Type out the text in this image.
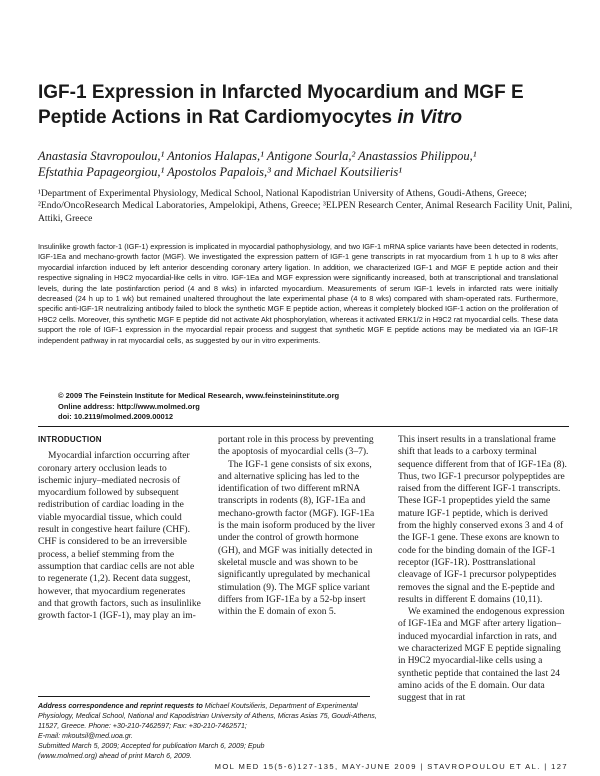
IGF-1 Expression in Infarcted Myocardium and MGF E Peptide Actions in Rat Cardiomyocytes in Vitro
Anastasia Stavropoulou,¹ Antonios Halapas,¹ Antigone Sourla,² Anastassios Philippou,¹
Efstathia Papageorgiou,¹ Apostolos Papalois,³ and Michael Koutsilieris¹
¹Department of Experimental Physiology, Medical School, National Kapodistrian University of Athens, Goudi-Athens, Greece; ²Endo/OncoResearch Medical Laboratories, Ampelokipi, Athens, Greece; ³ELPEN Research Center, Animal Research Facility Unit, Palini, Attiki, Greece

Insulinlike growth factor-1 (IGF-1) expression is implicated in myocardial pathophysiology, and two IGF-1 mRNA splice variants have been detected in rodents, IGF-1Ea and mechano-growth factor (MGF). We investigated the expression pattern of IGF-1 gene transcripts in rat myocardium from 1 h up to 8 wks after myocardial infarction induced by left anterior descending coronary artery ligation. In addition, we characterized IGF-1 and MGF E peptide action and their respective signaling in H9C2 myocardial-like cells in vitro. IGF-1Ea and MGF expression were significantly increased, both at transcriptional and translational levels, during the late postinfarction period (4 and 8 wks) in infarcted myocardium. Measurements of serum IGF-1 levels in infarcted rats were initially decreased (24 h up to 1 wk) but remained unaltered throughout the late experimental phase (4 to 8 wks) compared with sham-operated rats. Furthermore, specific anti-IGF-1R neutralizing antibody failed to block the synthetic MGF E peptide action, whereas it completely blocked IGF-1 action on the proliferation of H9C2 cells. Moreover, this synthetic MGF E peptide did not activate Akt phosphorylation, whereas it activated ERK1/2 in H9C2 rat myocardial cells. These data support the role of IGF-1 expression in the myocardial repair process and suggest that synthetic MGF E peptide actions may be mediated via an IGF-1R independent pathway in rat myocardial cells, as suggested by our in vitro experiments.

© 2009 The Feinstein Institute for Medical Research, www.feinsteininstitute.org
Online address: http://www.molmed.org
doi: 10.2119/molmed.2009.00012
INTRODUCTION

Myocardial infarction occurring after coronary artery occlusion leads to ischemic injury–mediated necrosis of myocardium followed by subsequent redistribution of cardiac loading in the viable myocardial tissue, which could result in congestive heart failure (CHF). CHF is considered to be an irreversible process, a belief stemming from the assumption that cardiac cells are not able to regenerate (1,2). Recent data suggest, however, that myocardium regenerates and that growth factors, such as insulinlike growth factor-1 (IGF-1), may play an im-

portant role in this process by preventing the apoptosis of myocardial cells (3–7).

The IGF-1 gene consists of six exons, and alternative splicing has led to the identification of two different mRNA transcripts in rodents (8), IGF-1Ea and mechano-growth factor (MGF). IGF-1Ea is the main isoform produced by the liver under the control of growth hormone (GH), and MGF was initially detected in skeletal muscle and was shown to be significantly upregulated by mechanical stimulation (9). The MGF splice variant differs from IGF-1Ea by a 52-bp insert within the E domain of exon 5.

This insert results in a translational frame shift that leads to a carboxy terminal sequence different from that of IGF-1Ea (8). Thus, two IGF-1 precursor polypeptides are raised from the different IGF-1 transcripts. These IGF-1 propeptides yield the same mature IGF-1 peptide, which is derived from the highly conserved exons 3 and 4 of the IGF-1 gene. These exons are known to code for the binding domain of the IGF-1 receptor (IGF-1R). Posttranslational cleavage of IGF-1 precursor polypeptides removes the signal and the E-peptide and results in different E domains (10,11).

We examined the endogenous expression of IGF-1Ea and MGF after artery ligation–induced myocardial infarction in rats, and we characterized MGF E peptide signaling in H9C2 myocardial-like cells using a synthetic peptide that contained the last 24 amino acids of the E domain. Our data suggest that in rat

Address correspondence and reprint requests to Michael Koutsilieris, Department of Experimental Physiology, Medical School, National and Kapodistrian University of Athens, Micras Asias 75, Goudi-Athens, 11527, Greece. Phone: +30-210-7462597; Fax: +30-210-7462571;
E-mail: mkoutsil@med.uoa.gr.
Submitted March 5, 2009; Accepted for publication March 6, 2009; Epub
(www.molmed.org) ahead of print March 6, 2009.
MOL MED 15(5-6)127-135, MAY-JUNE 2009 | STAVROPOULOU ET AL. | 127
